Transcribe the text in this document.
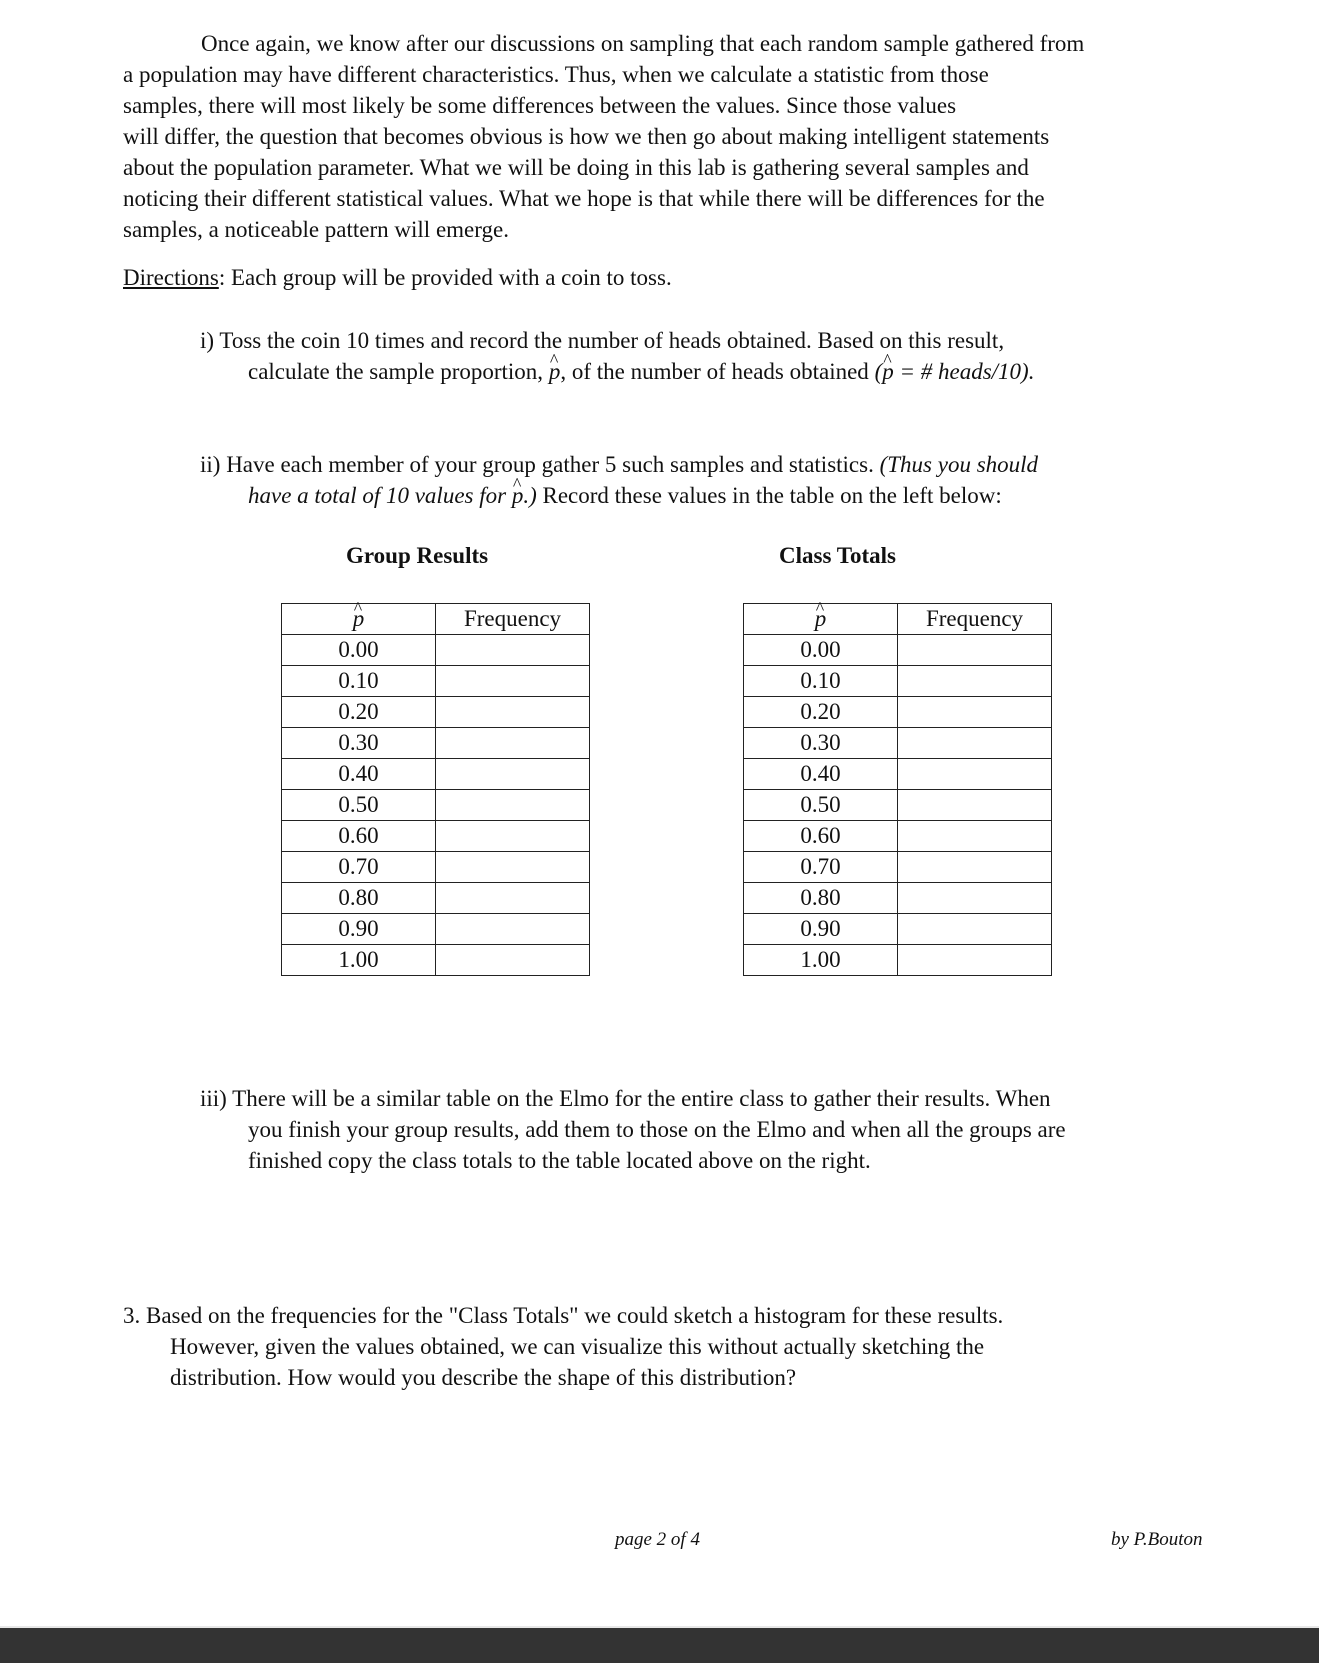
Once again, we know after our discussions on sampling that each random sample gathered from

a population may have different characteristics. Thus, when we calculate a statistic from those

samples, there will most likely be some differences between the values. Since those values

will differ, the question that becomes obvious is how we then go about making intelligent statements

about the population parameter. What we will be doing in this lab is gathering several samples and

noticing their different statistical values. What we hope is that while there will be differences for the

samples, a noticeable pattern will emerge.

Directions: Each group will be provided with a coin to toss.

i) Toss the coin 10 times and record the number of heads obtained. Based on this result,

calculate the sample proportion, ^ p, of the number of heads obtained (^ p = # heads/10).

ii) Have each member of your group gather 5 such samples and statistics. (Thus you should

have a total of 10 values for ^ p.) Record these values in the table on the left below:

Group Results	Class Totals
^ p	Frequency
0.00	
0.10	
0.20	
0.30	
0.40	
0.50	
0.60	
0.70	
0.80	
0.90	
1.00	
^ p	Frequency
0.00	
0.10	
0.20	
0.30	
0.40	
0.50	
0.60	
0.70	
0.80	
0.90	
1.00	

iii) There will be a similar table on the Elmo for the entire class to gather their results. When

you finish your group results, add them to those on the Elmo and when all the groups are

finished copy the class totals to the table located above on the right.

3. Based on the frequencies for the "Class Totals" we could sketch a histogram for these results.

However, given the values obtained, we can visualize this without actually sketching the

distribution. How would you describe the shape of this distribution?

page 2 of 4	by P.Bouton
